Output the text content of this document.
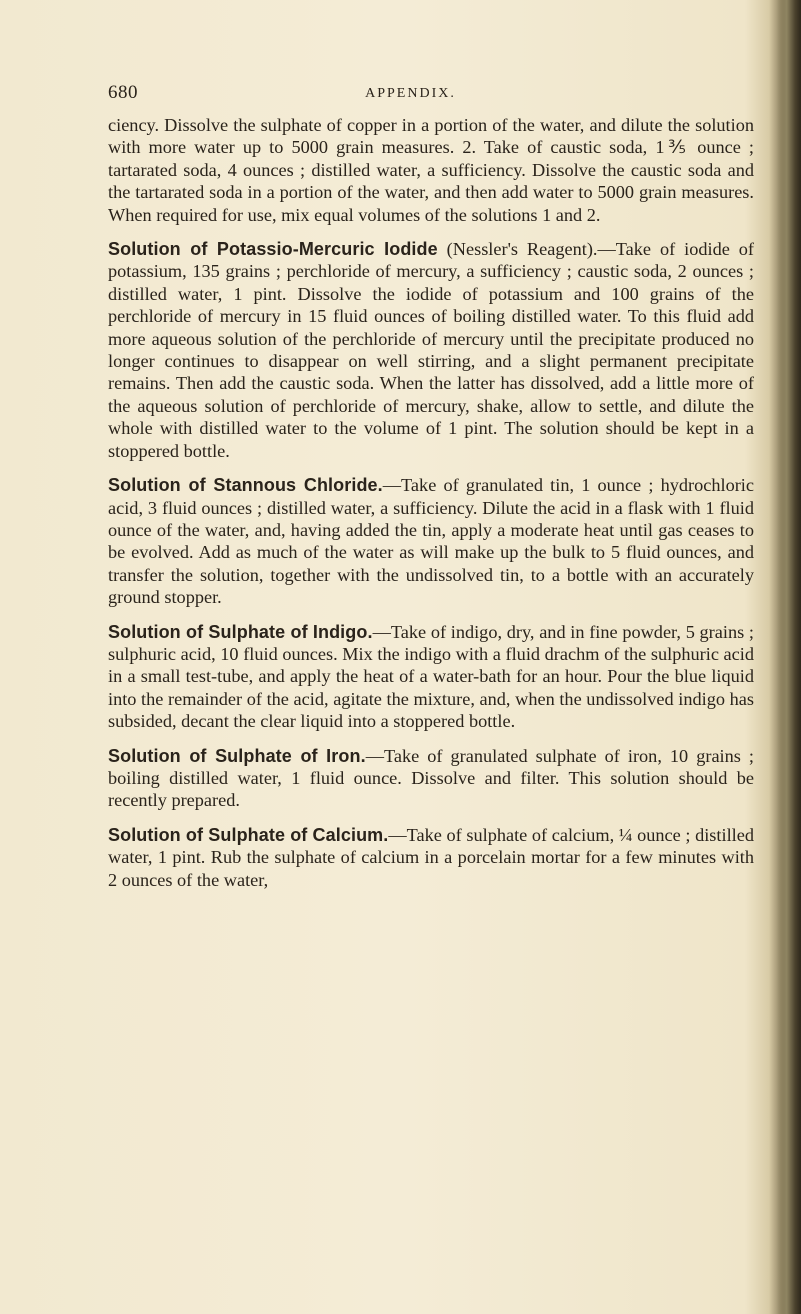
680	APPENDIX.

ciency. Dissolve the sulphate of copper in a portion of the water, and dilute the solution with more water up to 5000 grain measures. 2. Take of caustic soda, 1⅗ ounce ; tartarated soda, 4 ounces ; distilled water, a sufficiency. Dissolve the caustic soda and the tartarated soda in a portion of the water, and then add water to 5000 grain measures. When required for use, mix equal volumes of the solutions 1 and 2.

Solution of Potassio-Mercuric Iodide (Nessler's Reagent).—Take of iodide of potassium, 135 grains ; perchloride of mercury, a sufficiency ; caustic soda, 2 ounces ; distilled water, 1 pint. Dissolve the iodide of potassium and 100 grains of the perchloride of mercury in 15 fluid ounces of boiling distilled water. To this fluid add more aqueous solution of the perchloride of mercury until the precipitate produced no longer continues to disappear on well stirring, and a slight permanent precipitate remains. Then add the caustic soda. When the latter has dissolved, add a little more of the aqueous solution of perchloride of mercury, shake, allow to settle, and dilute the whole with distilled water to the volume of 1 pint. The solution should be kept in a stoppered bottle.

Solution of Stannous Chloride.—Take of granulated tin, 1 ounce ; hydrochloric acid, 3 fluid ounces ; distilled water, a sufficiency. Dilute the acid in a flask with 1 fluid ounce of the water, and, having added the tin, apply a moderate heat until gas ceases to be evolved. Add as much of the water as will make up the bulk to 5 fluid ounces, and transfer the solution, together with the undissolved tin, to a bottle with an accurately ground stopper.

Solution of Sulphate of Indigo.—Take of indigo, dry, and in fine powder, 5 grains ; sulphuric acid, 10 fluid ounces. Mix the indigo with a fluid drachm of the sulphuric acid in a small test-tube, and apply the heat of a water-bath for an hour. Pour the blue liquid into the remainder of the acid, agitate the mixture, and, when the undissolved indigo has subsided, decant the clear liquid into a stoppered bottle.

Solution of Sulphate of Iron.—Take of granulated sulphate of iron, 10 grains ; boiling distilled water, 1 fluid ounce. Dissolve and filter. This solution should be recently prepared.

Solution of Sulphate of Calcium.—Take of sulphate of calcium, ¼ ounce ; distilled water, 1 pint. Rub the sulphate of calcium in a porcelain mortar for a few minutes with 2 ounces of the water,
